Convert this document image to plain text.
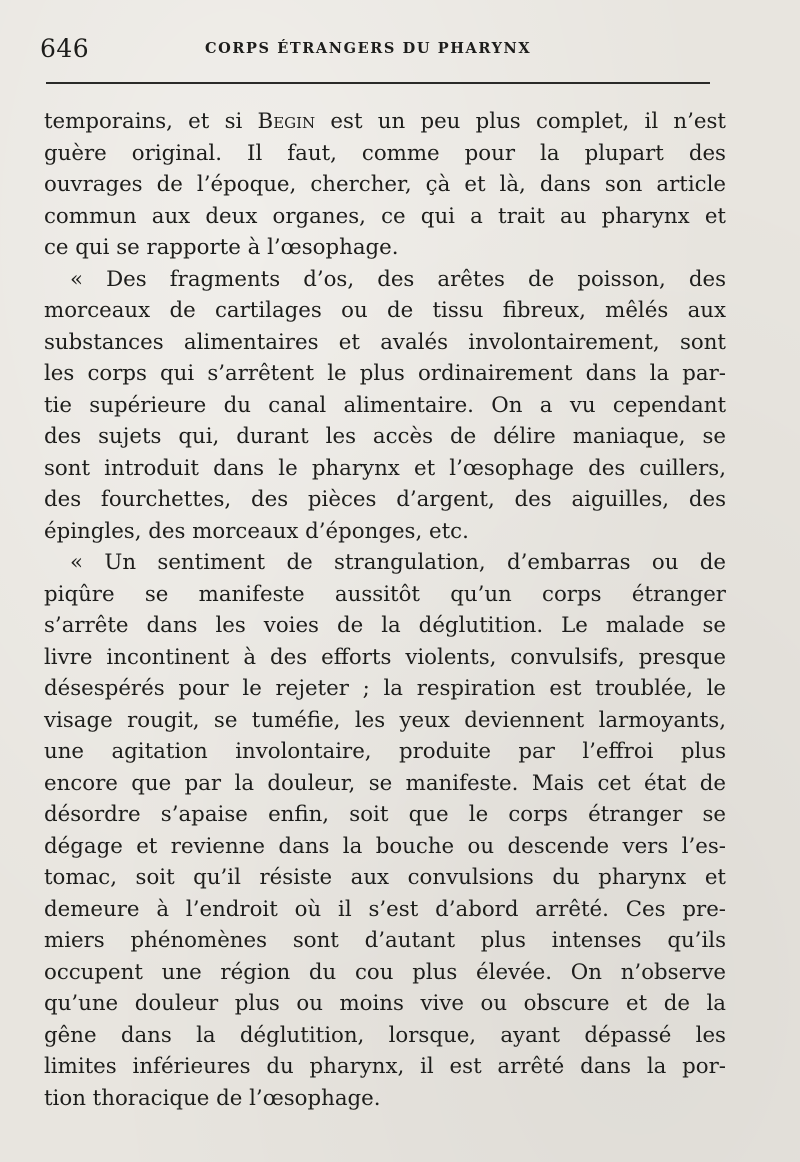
646	CORPS ÉTRANGERS DU PHARYNX
temporains, et si Begin est un peu plus complet, il n’est
guère original. Il faut, comme pour la plupart des
ouvrages de l’époque, chercher, çà et là, dans son article
commun aux deux organes, ce qui a trait au pharynx et
ce qui se rapporte à l’œsophage.
« Des fragments d’os, des arêtes de poisson, des
morceaux de cartilages ou de tissu fibreux, mêlés aux
substances alimentaires et avalés involontairement, sont
les corps qui s’arrêtent le plus ordinairement dans la par-
tie supérieure du canal alimentaire. On a vu cependant
des sujets qui, durant les accès de délire maniaque, se
sont introduit dans le pharynx et l’œsophage des cuillers,
des fourchettes, des pièces d’argent, des aiguilles, des
épingles, des morceaux d’éponges, etc.
« Un sentiment de strangulation, d’embarras ou de
piqûre se manifeste aussitôt qu’un corps étranger
s’arrête dans les voies de la déglutition. Le malade se
livre incontinent à des efforts violents, convulsifs, presque
désespérés pour le rejeter ; la respiration est troublée, le
visage rougit, se tuméfie, les yeux deviennent larmoyants,
une agitation involontaire, produite par l’effroi plus
encore que par la douleur, se manifeste. Mais cet état de
désordre s’apaise enfin, soit que le corps étranger se
dégage et revienne dans la bouche ou descende vers l’es-
tomac, soit qu’il résiste aux convulsions du pharynx et
demeure à l’endroit où il s’est d’abord arrêté. Ces pre-
miers phénomènes sont d’autant plus intenses qu’ils
occupent une région du cou plus élevée. On n’observe
qu’une douleur plus ou moins vive ou obscure et de la
gêne dans la déglutition, lorsque, ayant dépassé les
limites inférieures du pharynx, il est arrêté dans la por-
tion thoracique de l’œsophage.
